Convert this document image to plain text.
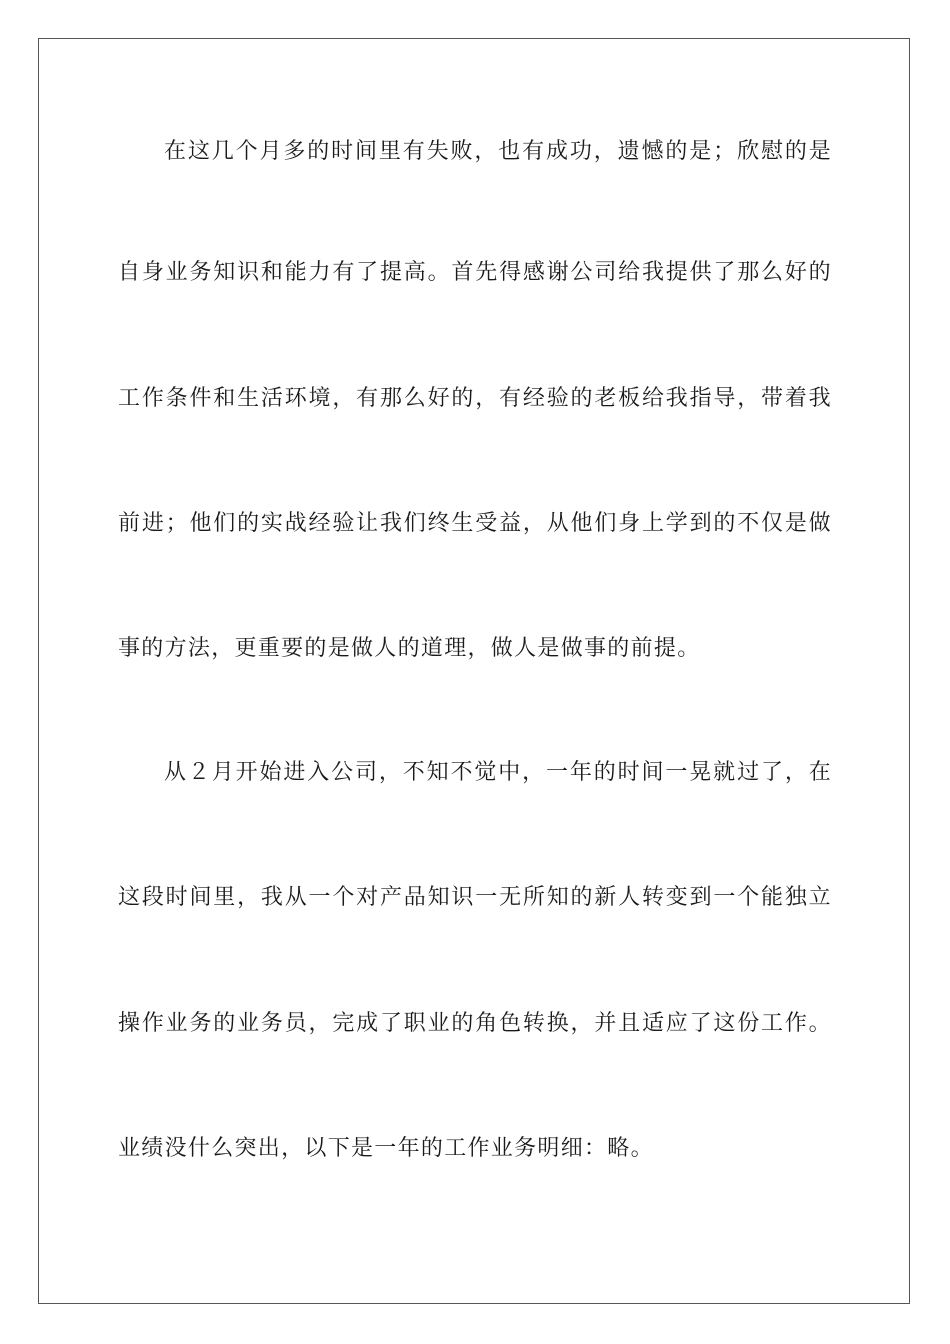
在这几个月多的时间里有失败，也有成功，遗憾的是；欣慰的是
自身业务知识和能力有了提高。首先得感谢公司给我提供了那么好的
工作条件和生活环境，有那么好的，有经验的老板给我指导，带着我
前进；他们的实战经验让我们终生受益，从他们身上学到的不仅是做
事的方法，更重要的是做人的道理，做人是做事的前提。
从２月开始进入公司，不知不觉中，一年的时间一晃就过了，在
这段时间里，我从一个对产品知识一无所知的新人转变到一个能独立
操作业务的业务员，完成了职业的角色转换，并且适应了这份工作。
业绩没什么突出，以下是一年的工作业务明细：略。
